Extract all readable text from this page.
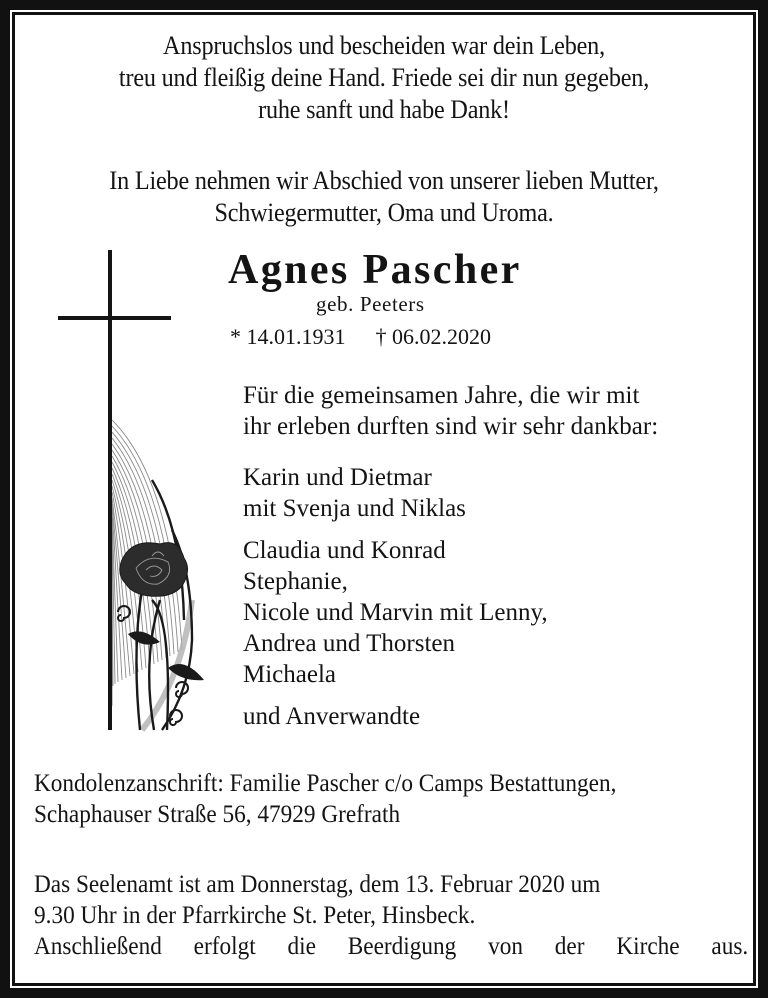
Anspruchslos und bescheiden war dein Leben,
treu und fleißig deine Hand. Friede sei dir nun gegeben,
ruhe sanft und habe Dank!
In Liebe nehmen wir Abschied von unserer lieben Mutter,
Schwiegermutter, Oma und Uroma.
Agnes Pascher
geb. Peeters
* 14.01.1931 † 06.02.2020
Für die gemeinsamen Jahre, die wir mit
ihr erleben durften sind wir sehr dankbar:
Karin und Dietmar
mit Svenja und Niklas
Claudia und Konrad
Stephanie,
Nicole und Marvin mit Lenny,
Andrea und Thorsten
Michaela
und Anverwandte
Kondolenzanschrift: Familie Pascher c/o Camps Bestattungen,
Schaphauser Straße 56, 47929 Grefrath
Das Seelenamt ist am Donnerstag, dem 13. Februar 2020 um
9.30 Uhr in der Pfarrkirche St. Peter, Hinsbeck.
Anschließend erfolgt die Beerdigung von der Kirche aus.
